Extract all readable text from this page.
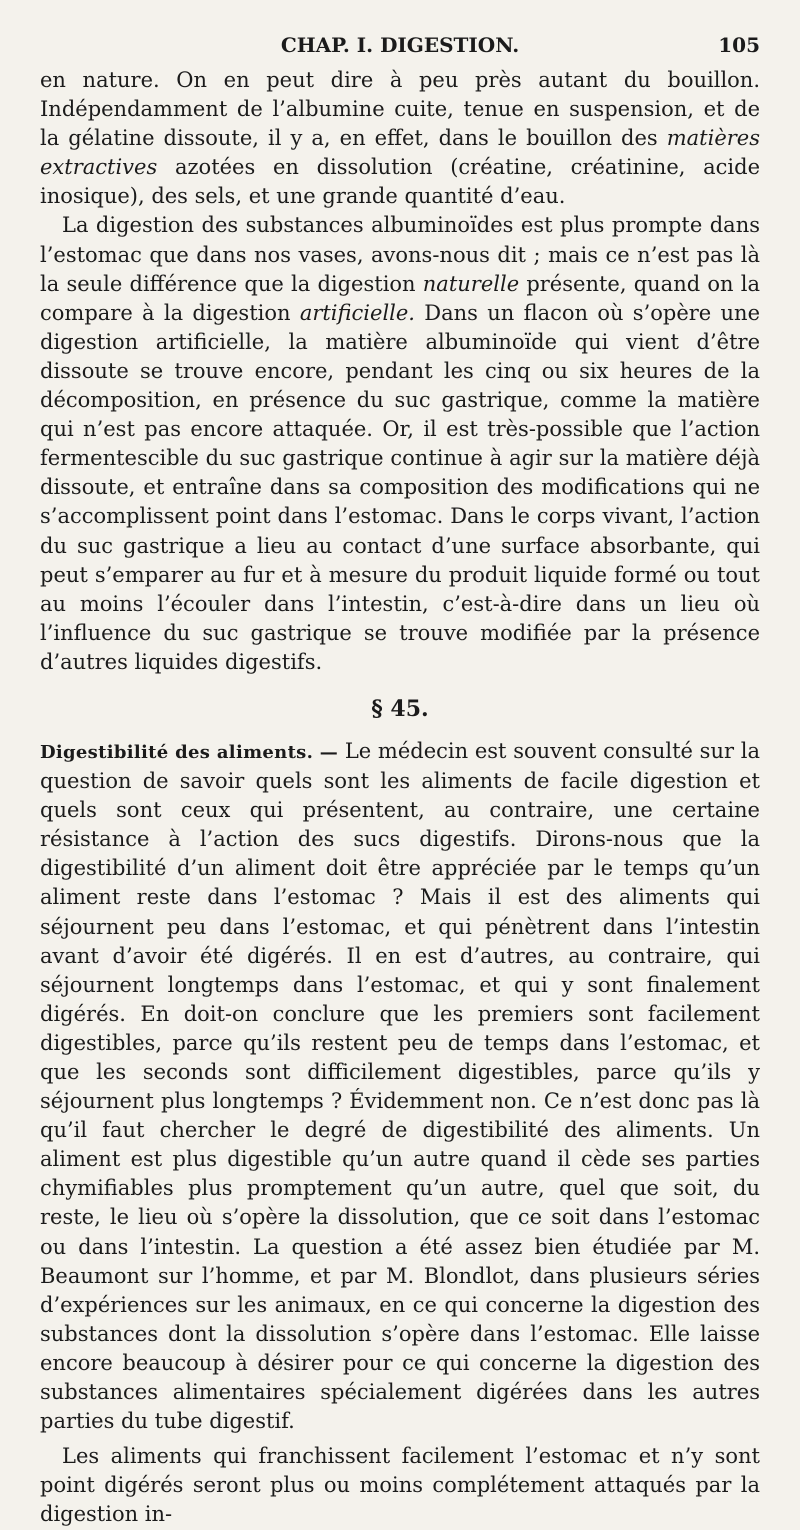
CHAP. I. DIGESTION.	105

en nature. On en peut dire à peu près autant du bouillon. Indépendamment de l’albumine cuite, tenue en suspension, et de la gélatine dissoute, il y a, en effet, dans le bouillon des matières extractives azotées en dissolution (créatine, créatinine, acide inosique), des sels, et une grande quantité d’eau.

La digestion des substances albuminoïdes est plus prompte dans l’estomac que dans nos vases, avons-nous dit ; mais ce n’est pas là la seule différence que la digestion naturelle présente, quand on la compare à la digestion artificielle. Dans un flacon où s’opère une digestion artificielle, la matière albuminoïde qui vient d’être dissoute se trouve encore, pendant les cinq ou six heures de la décomposition, en présence du suc gastrique, comme la matière qui n’est pas encore attaquée. Or, il est très-possible que l’action fermentescible du suc gastrique continue à agir sur la matière déjà dissoute, et entraîne dans sa composition des modifications qui ne s’accomplissent point dans l’estomac. Dans le corps vivant, l’action du suc gastrique a lieu au contact d’une surface absorbante, qui peut s’emparer au fur et à mesure du produit liquide formé ou tout au moins l’écouler dans l’intestin, c’est-à-dire dans un lieu où l’influence du suc gastrique se trouve modifiée par la présence d’autres liquides digestifs.

§ 45.

Digestibilité des aliments. — Le médecin est souvent consulté sur la question de savoir quels sont les aliments de facile digestion et quels sont ceux qui présentent, au contraire, une certaine résistance à l’action des sucs digestifs. Dirons-nous que la digestibilité d’un aliment doit être appréciée par le temps qu’un aliment reste dans l’estomac ? Mais il est des aliments qui séjournent peu dans l’estomac, et qui pénètrent dans l’intestin avant d’avoir été digérés. Il en est d’autres, au contraire, qui séjournent longtemps dans l’estomac, et qui y sont finalement digérés. En doit-on conclure que les premiers sont facilement digestibles, parce qu’ils restent peu de temps dans l’estomac, et que les seconds sont difficilement digestibles, parce qu’ils y séjournent plus longtemps ? Évidemment non. Ce n’est donc pas là qu’il faut chercher le degré de digestibilité des aliments. Un aliment est plus digestible qu’un autre quand il cède ses parties chymifiables plus promptement qu’un autre, quel que soit, du reste, le lieu où s’opère la dissolution, que ce soit dans l’estomac ou dans l’intestin. La question a été assez bien étudiée par M. Beaumont sur l’homme, et par M. Blondlot, dans plusieurs séries d’expériences sur les animaux, en ce qui concerne la digestion des substances dont la dissolution s’opère dans l’estomac. Elle laisse encore beaucoup à désirer pour ce qui concerne la digestion des substances alimentaires spécialement digérées dans les autres parties du tube digestif.

Les aliments qui franchissent facilement l’estomac et n’y sont point digérés seront plus ou moins complétement attaqués par la digestion in-
